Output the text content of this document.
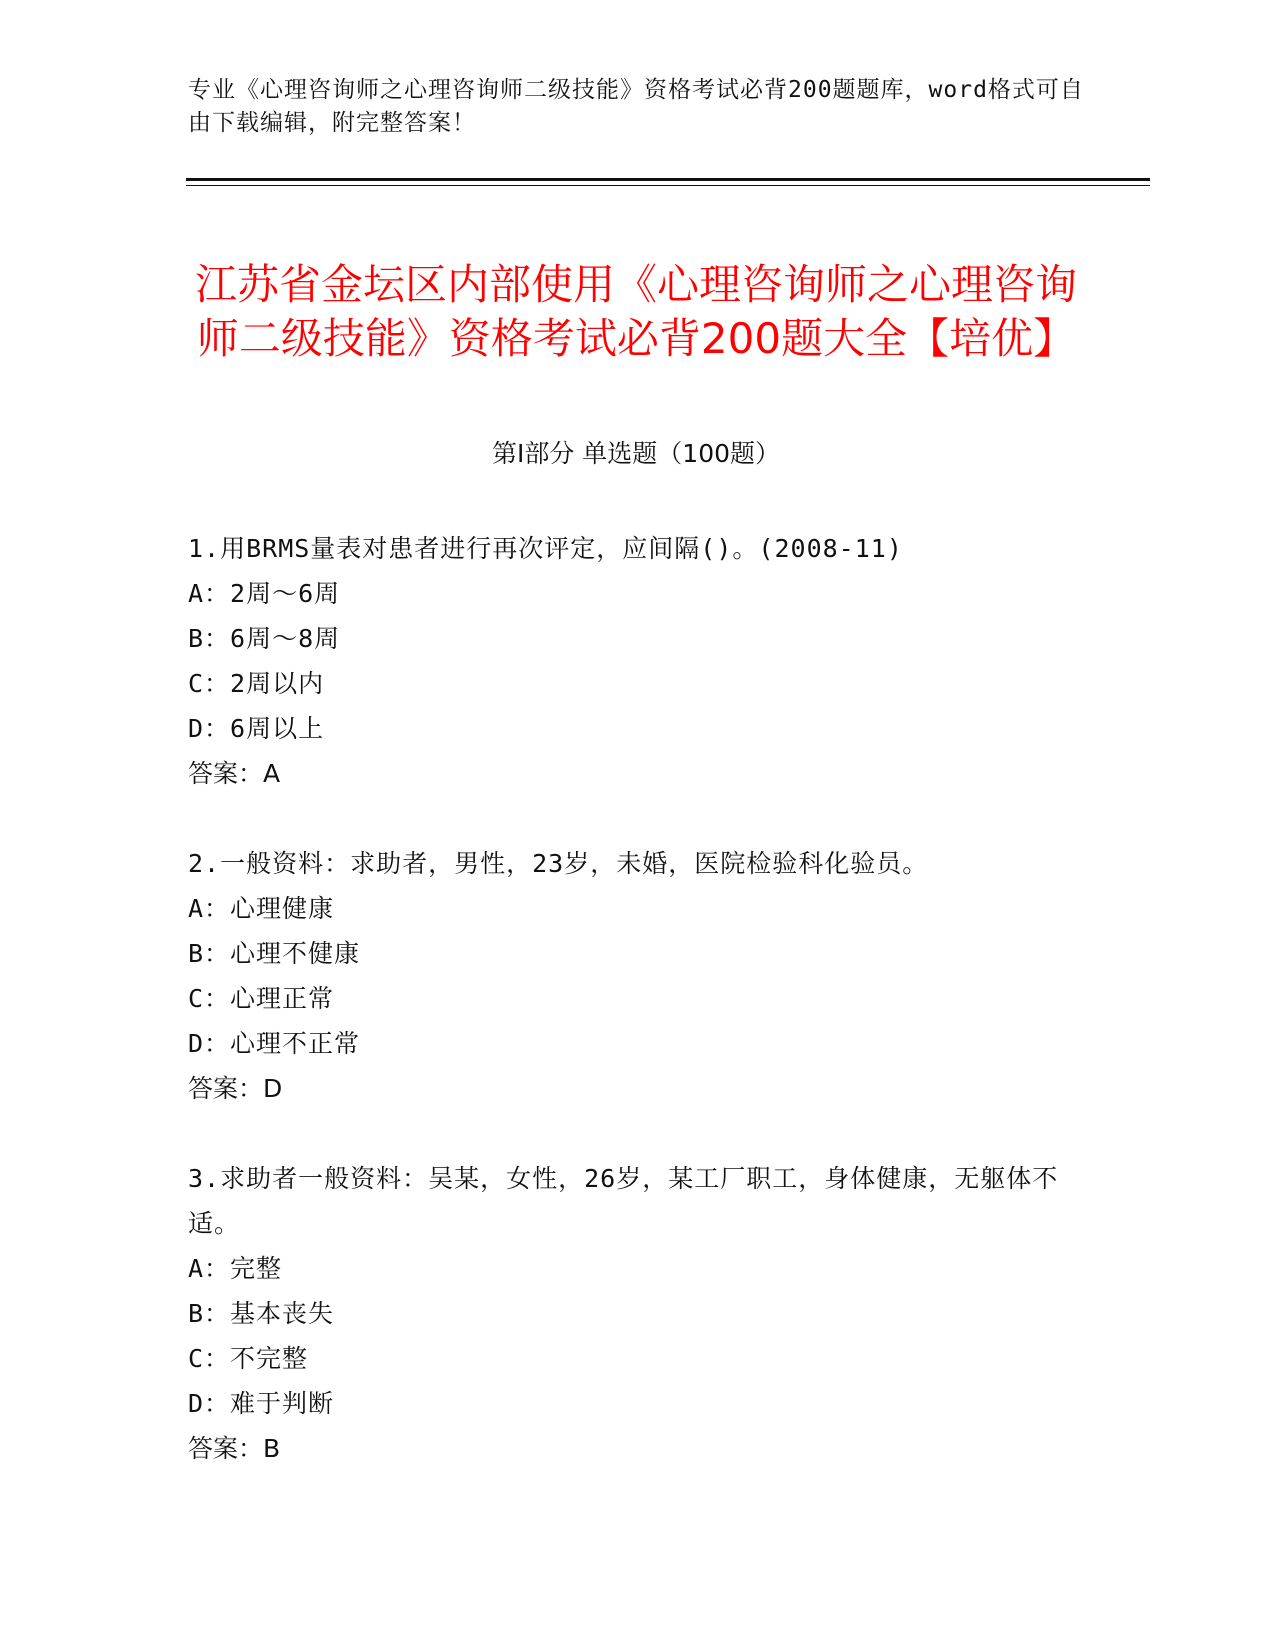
专业《心理咨询师之心理咨询师二级技能》资格考试必背200题题库，word格式可自由下载编辑，附完整答案！
江苏省金坛区内部使用《心理咨询师之心理咨询师二级技能》资格考试必背200题大全【培优】
第Ⅰ部分 单选题（100题）
1.用BRMS量表对患者进行再次评定，应间隔()。(2008-11)
A：2周～6周
B：6周～8周
C：2周以内
D：6周以上
答案：A
2.一般资料：求助者，男性，23岁，未婚，医院检验科化验员。
A：心理健康
B：心理不健康
C：心理正常
D：心理不正常
答案：D
3.求助者一般资料：吴某，女性，26岁，某工厂职工，身体健康，无躯体不适。
A：完整
B：基本丧失
C：不完整
D：难于判断
答案：B
